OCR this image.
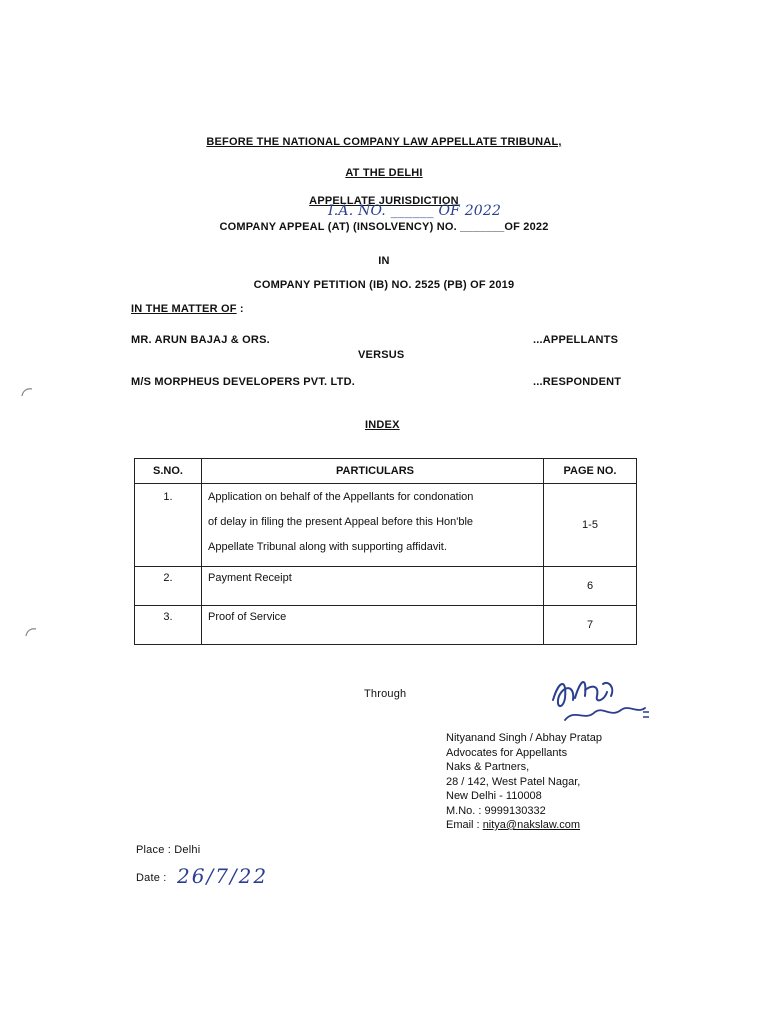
BEFORE THE NATIONAL COMPANY LAW APPELLATE TRIBUNAL,
AT THE DELHI
APPELLATE JURISDICTION
I.A. NO. ______ OF 2022
COMPANY APPEAL (AT) (INSOLVENCY) NO. _______OF 2022
IN
COMPANY PETITION (IB) NO. 2525 (PB) OF 2019
IN THE MATTER OF :
MR. ARUN BAJAJ & ORS.	...APPELLANTS
VERSUS
M/S MORPHEUS DEVELOPERS PVT. LTD.	...RESPONDENT
INDEX
S.NO.	PARTICULARS	PAGE NO.

1.	Application on behalf of the Appellants for condonation
of delay in filing the present Appeal before this Hon'ble
Appellate Tribunal along with supporting affidavit.	1-5
2.	Payment Receipt	6
3.	Proof of Service	7
Through
Nityanand Singh / Abhay Pratap
Advocates for Appellants
Naks & Partners,
28 / 142, West Patel Nagar,
New Delhi - 110008
M.No. : 9999130332
Email : nitya@nakslaw.com
Place : Delhi
Date : 26/7/22
